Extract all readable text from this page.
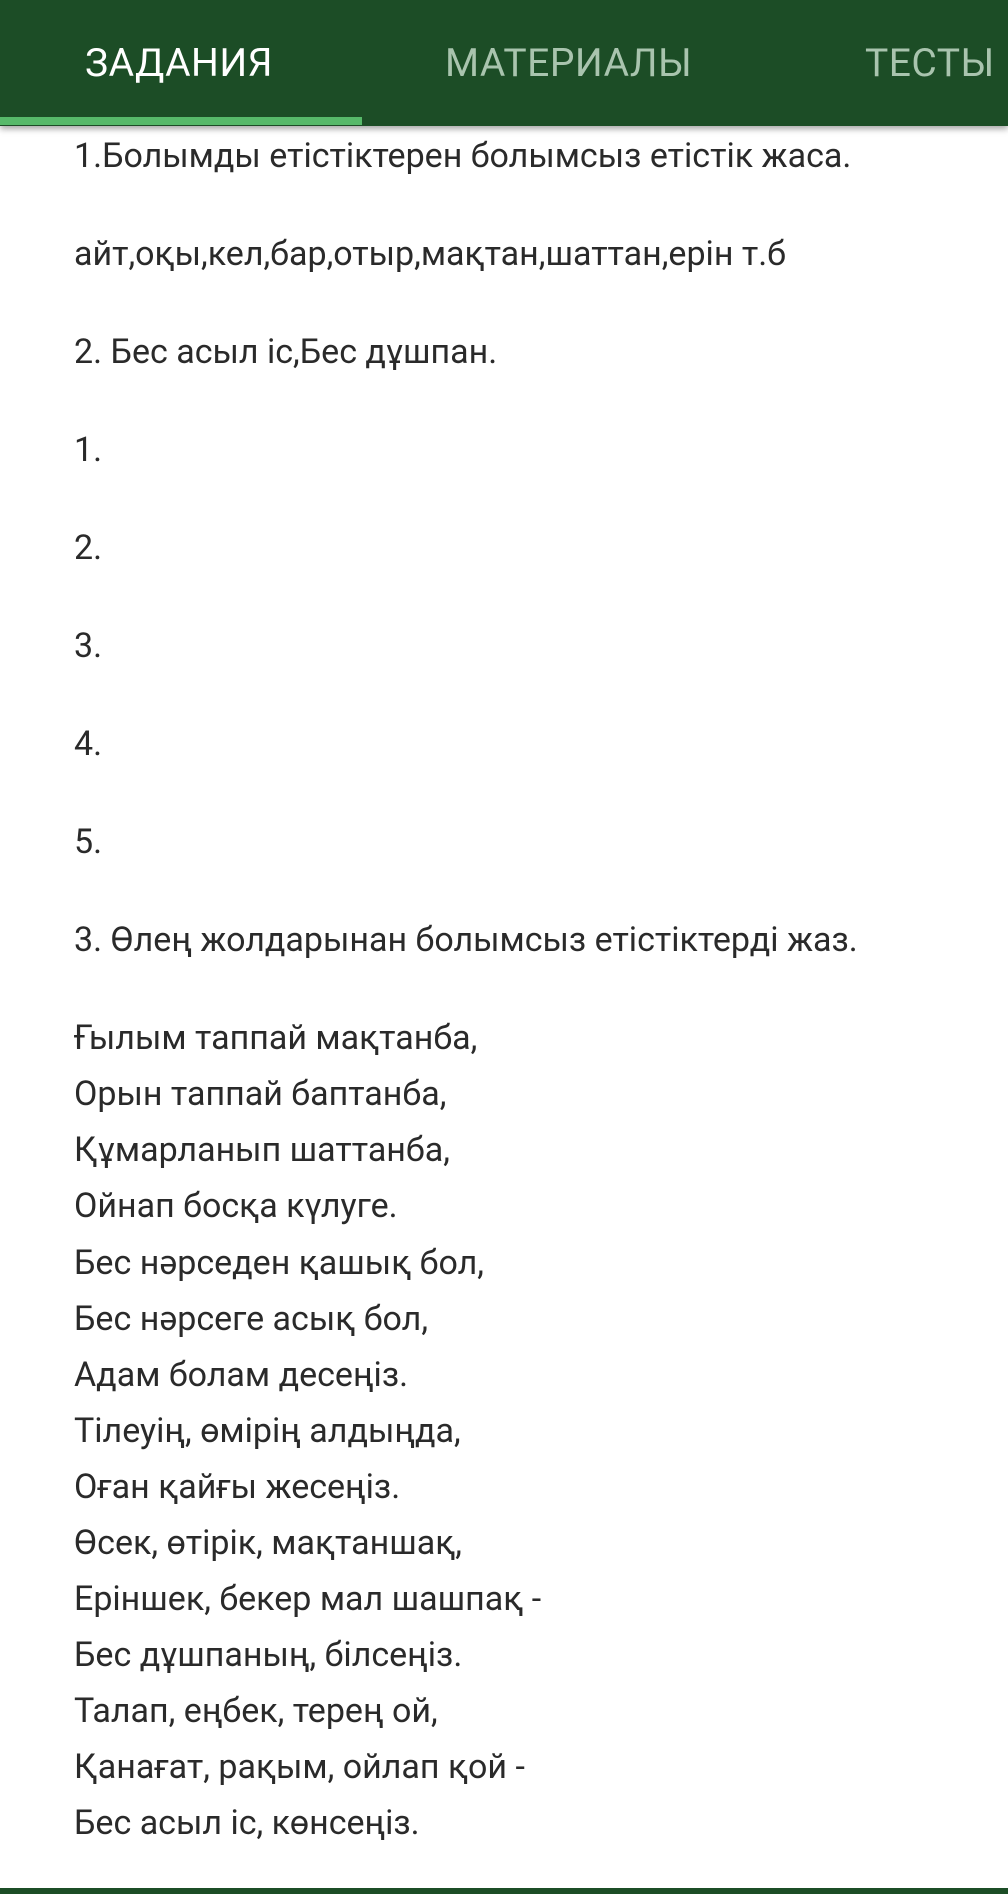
ЗАДАНИЯ	МАТЕРИАЛЫ	ТЕСТЫ
1.Болымды етістіктерен болымсыз етістік жаса.
айт,оқы,кел,бар,отыр,мақтан,шаттан,ерін т.б
2. Бес асыл іс,Бес дұшпан.
1.
2.
3.
4.
5.
3. Өлең жолдарынан болымсыз етістіктерді жаз.
Ғылым таппай мақтанба,
Орын таппай баптанба,
Құмарланып шаттанба,
Ойнап босқа күлуге.
Бес нәрседен қашық бол,
Бес нәрсеге асық бол,
Адам болам десеңіз.
Тілеуің, өмірің алдыңда,
Оған қайғы жесеңіз.
Өсек, өтірік, мақтаншақ,
Еріншек, бекер мал шашпақ -
Бес дұшпаның, білсеңіз.
Талап, еңбек, терең ой,
Қанағат, рақым, ойлап қой -
Бес асыл іс, көнсеңіз.
